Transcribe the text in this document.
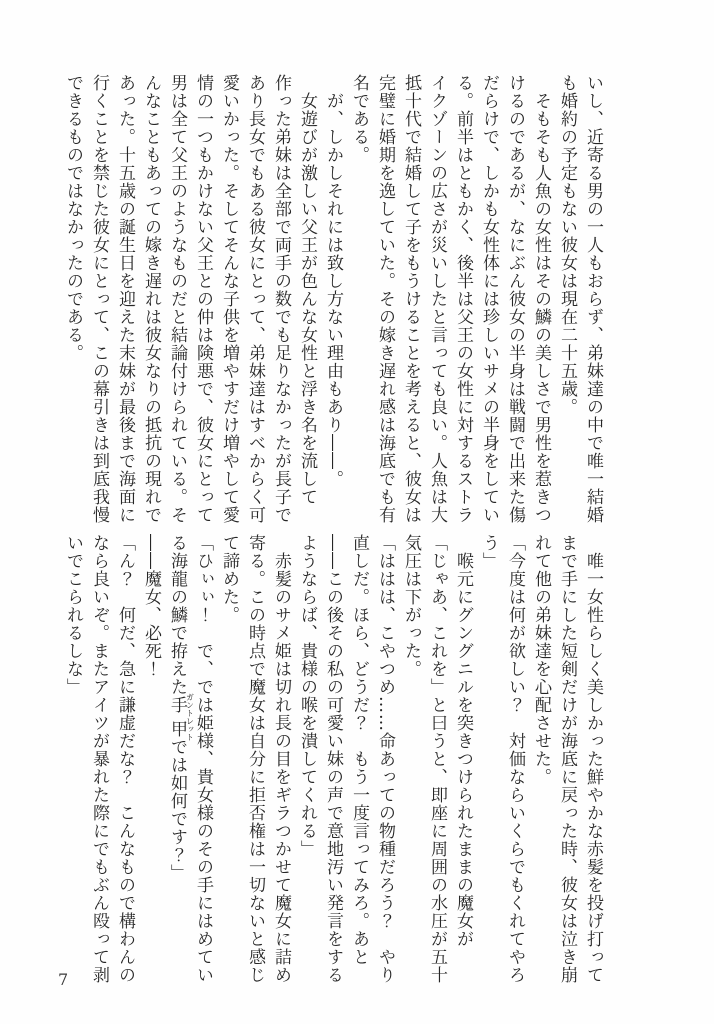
いし、近寄る男の一人もおらず、弟妹達の中で唯一結婚も婚約の予定もない彼女は現在二十五歳。

　そもそも人魚の女性はその鱗の美しさで男性を惹きつけるのであるが、なにぶん彼女の半身は戦闘で出来た傷だらけで、しかも女性体には珍しいサメの半身をしている。前半はともかく、後半は父王の女性に対するストライクゾーンの広さが災いしたと言っても良い。人魚は大抵十代で結婚して子をもうけることを考えると、彼女は完璧に婚期を逸していた。その嫁き遅れ感は海底でも有名である。

　が、しかしそれには致し方ない理由もあり――。

　女遊びが激しい父王が色んな女性と浮き名を流して作った弟妹は全部で両手の数でも足りなかったが長子であり長女でもある彼女にとって、弟妹達はすべからく可愛いかった。そしてそんな子供を増やすだけ増やして愛情の一つもかけない父王との仲は険悪で、彼女にとって男は全て父王のようなものだと結論付けられている。そんなこともあっての嫁き遅れは彼女なりの抵抗の現れであった。十五歳の誕生日を迎えた末妹が最後まで海面に行くことを禁じた彼女にとって、この幕引きは到底我慢できるものではなかったのである。

　唯一女性らしく美しかった鮮やかな赤髪を投げ打ってまで手にした短剣だけが海底に戻った時、彼女は泣き崩れて他の弟妹達を心配させた。

「今度は何が欲しい？　対価ならいくらでもくれてやろう」

　喉元にグングニルを突きつけられたままの魔女が「じゃあ、これを」と曰うと、即座に周囲の水圧が五十気圧は下がった。

「ははは、こやつめ……命あっての物種だろう？　やり直しだ。ほら、どうだ？　もう一度言ってみろ。あと――この後その私の可愛い妹の声で意地汚い発言をするようならば、貴様の喉を潰してくれる」

　赤髪のサメ姫は切れ長の目をギラつかせて魔女に詰め寄る。この時点で魔女は自分に拒否権は一切ないと感じて諦めた。

「ひぃぃ！　で、では姫様、貴女様のその手にはめている海龍の鱗で拵えた手甲ガントレットでは如何です？」

――魔女、必死！

「ん？　何だ、急に謙虚だな？　こんなもので構わんのなら良いぞ。またアイツが暴れた際にでもぶん殴って剥いでこられるしな」

7
